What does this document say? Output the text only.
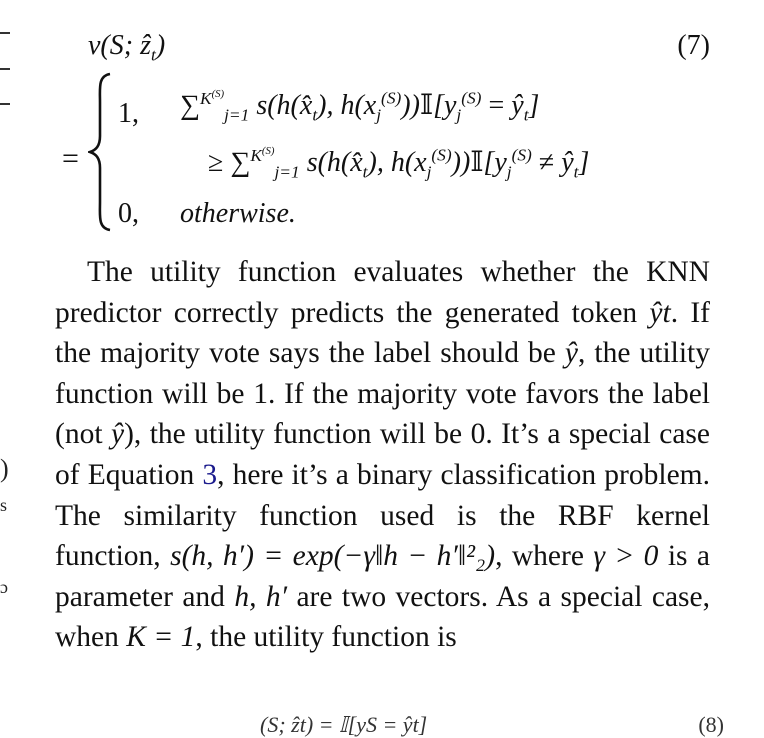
)
s
ɔ
v(S; ẑ$_t$)	(7)
=
1, ∑$^{K^{(S)}}_{j=1}$ $s(h(x̂_t)$, $h(x_j^{(S)}))𝕀[y_j^{(S)}$ = $ŷ_t$]
≥ ∑$^{K^{(S)}}_{j=1}$ $s(h(x̂_t)$, $h(x_j^{(S)}))𝕀[y_j^{(S)}$ ≠ $ŷ_t$]
0, otherwise.

The utility function evaluates whether the KNN predictor correctly predicts the generated token ŷt. If the majority vote says the label should be ŷ, the utility function will be 1. If the majority vote favors the label (not ŷ), the utility function will be 0. It’s a special case of Equation 3, here it’s a binary classification problem. The similarity function used is the RBF kernel function, s(h, h′) = exp(−γ‖h − h′‖²₂), where γ > 0 is a parameter and h, h′ are two vectors. As a special case, when K = 1, the utility function is

(S; ẑt) = 𝕀[yS = ŷt]	(8)
